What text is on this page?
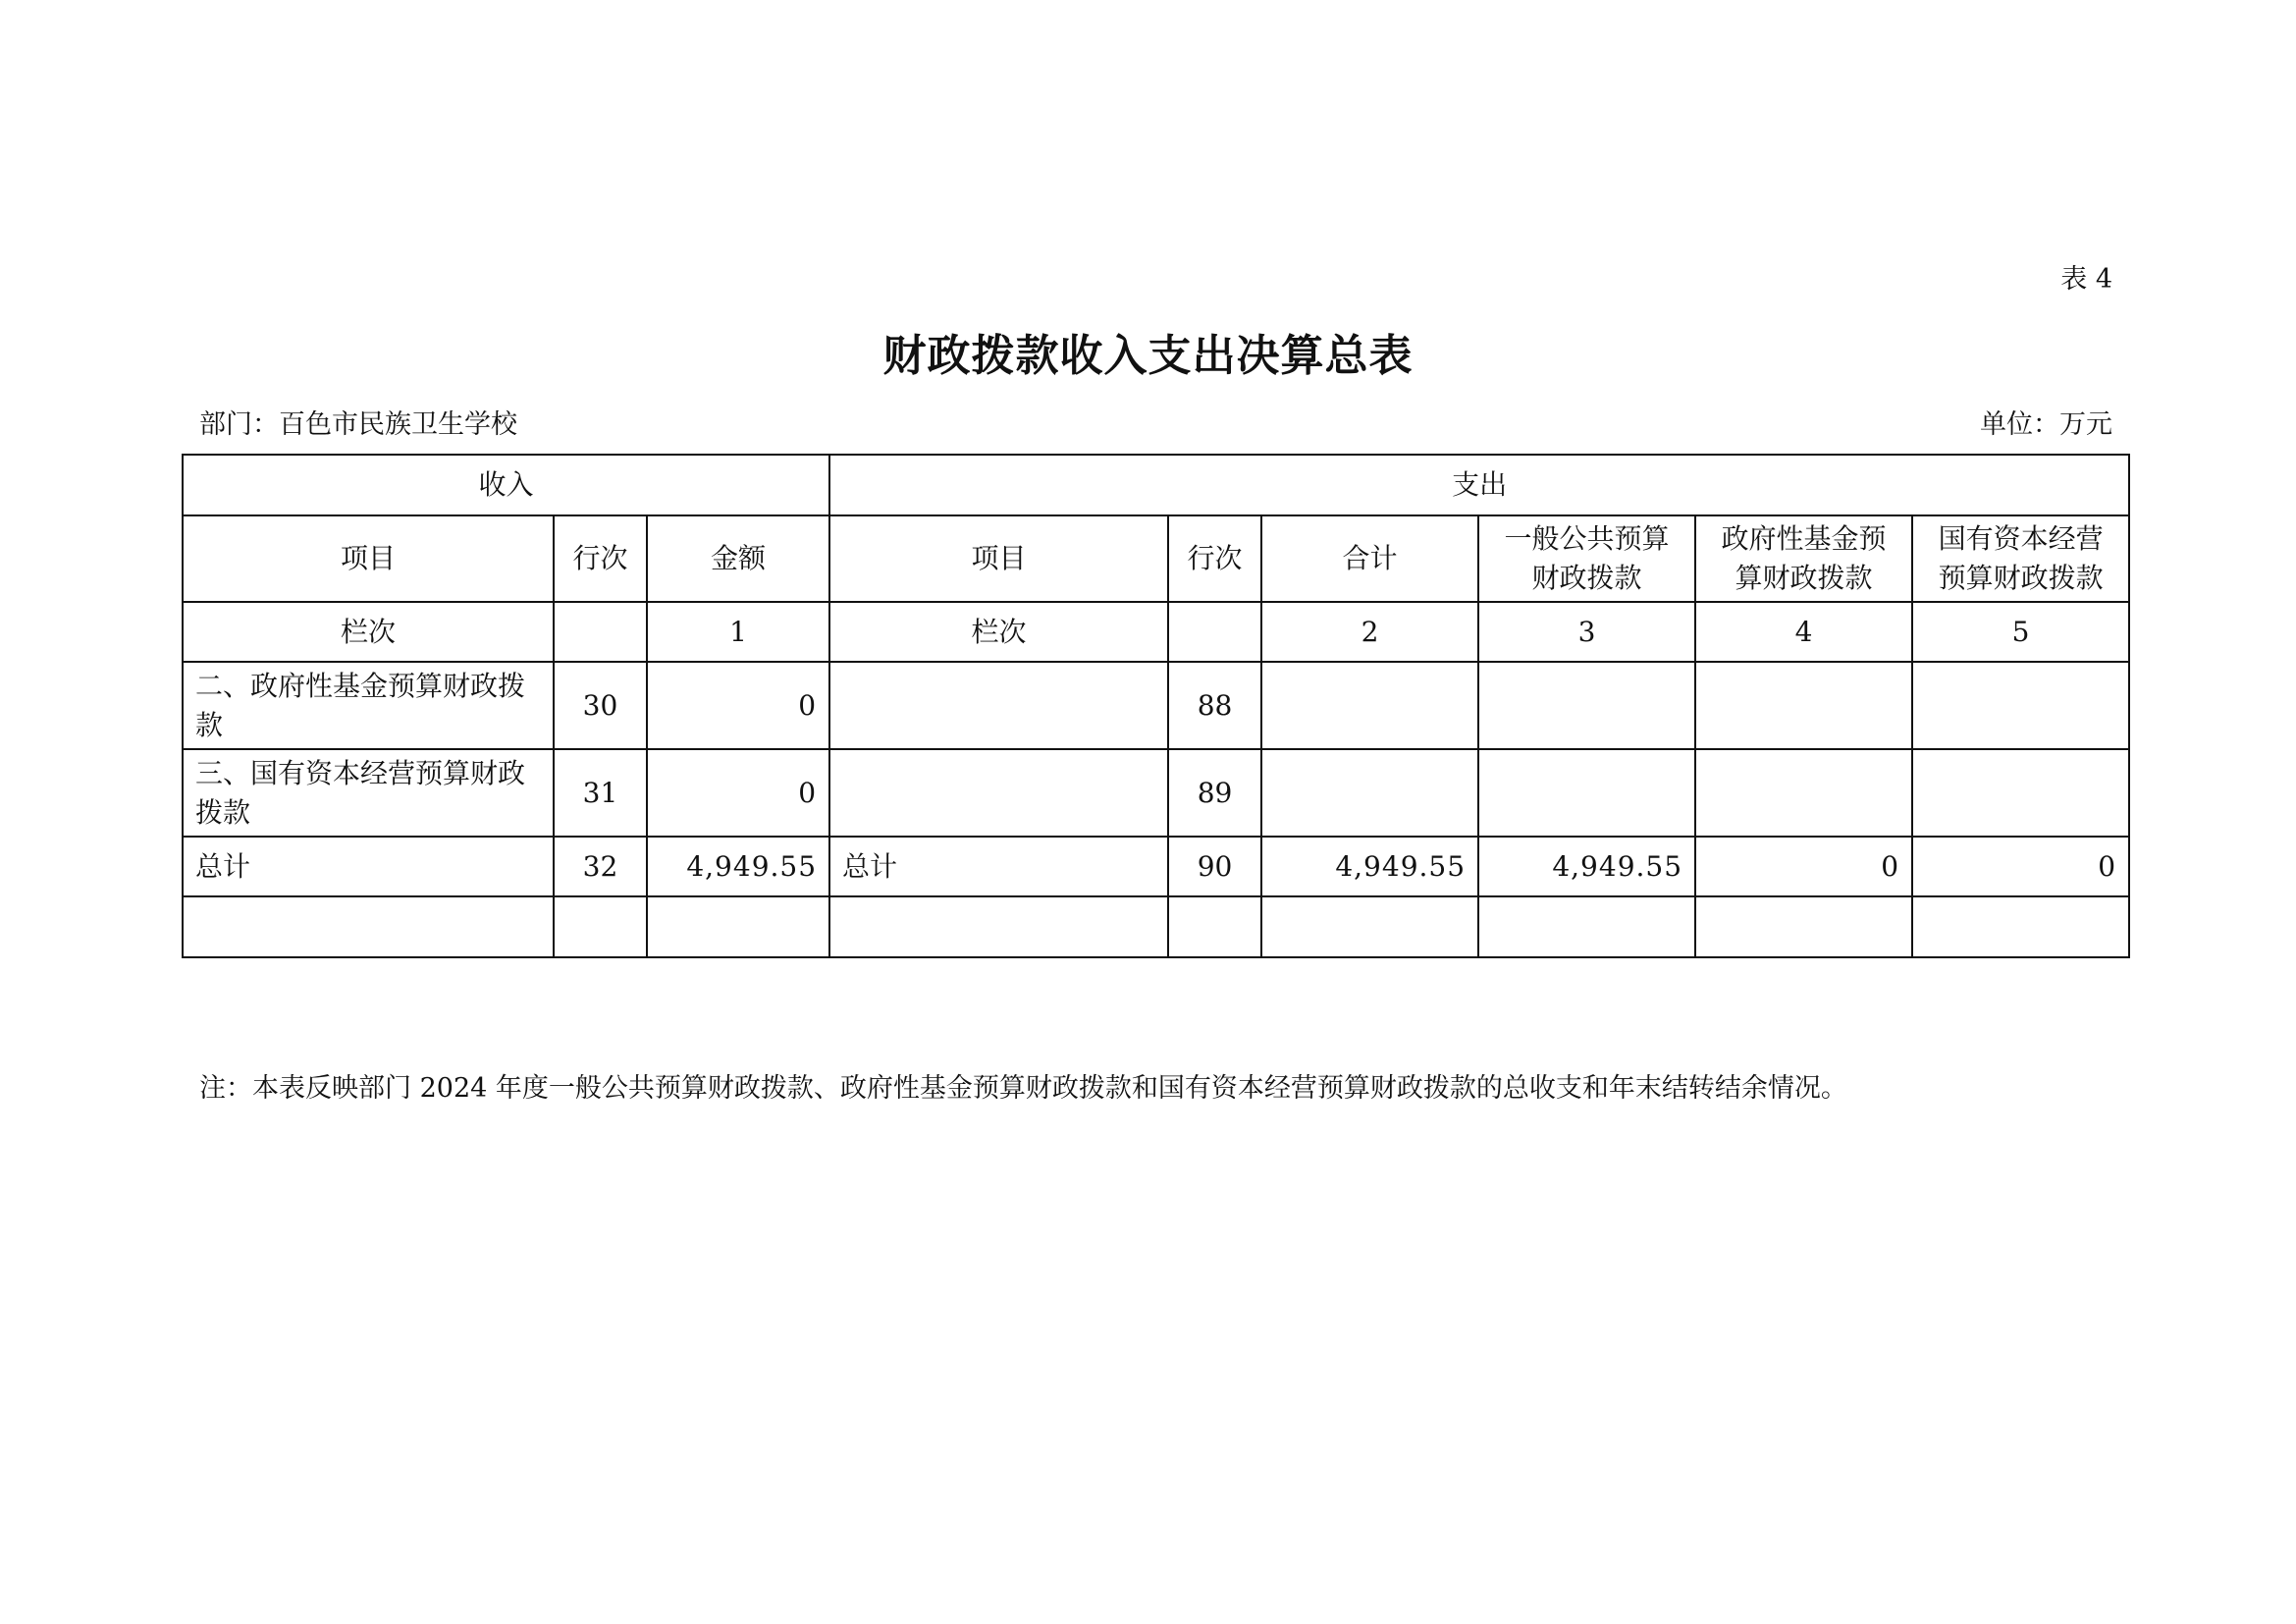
表 4
财政拨款收入支出决算总表
部门：百色市民族卫生学校	单位：万元
收入			支出					
项目	行次	金额	项目	行次	合计	一般公共预算财政拨款	政府性基金预算财政拨款	国有资本经营预算财政拨款
栏次		1	栏次		2	3	4	5
二、政府性基金预算财政拨款	30	0		88				
三、国有资本经营预算财政拨款	31	0		89				
总计	32	4,949.55	总计	90	4,949.55	4,949.55	0	0

注：本表反映部门 2024 年度一般公共预算财政拨款、政府性基金预算财政拨款和国有资本经营预算财政拨款的总收支和年末结转结余情况。
